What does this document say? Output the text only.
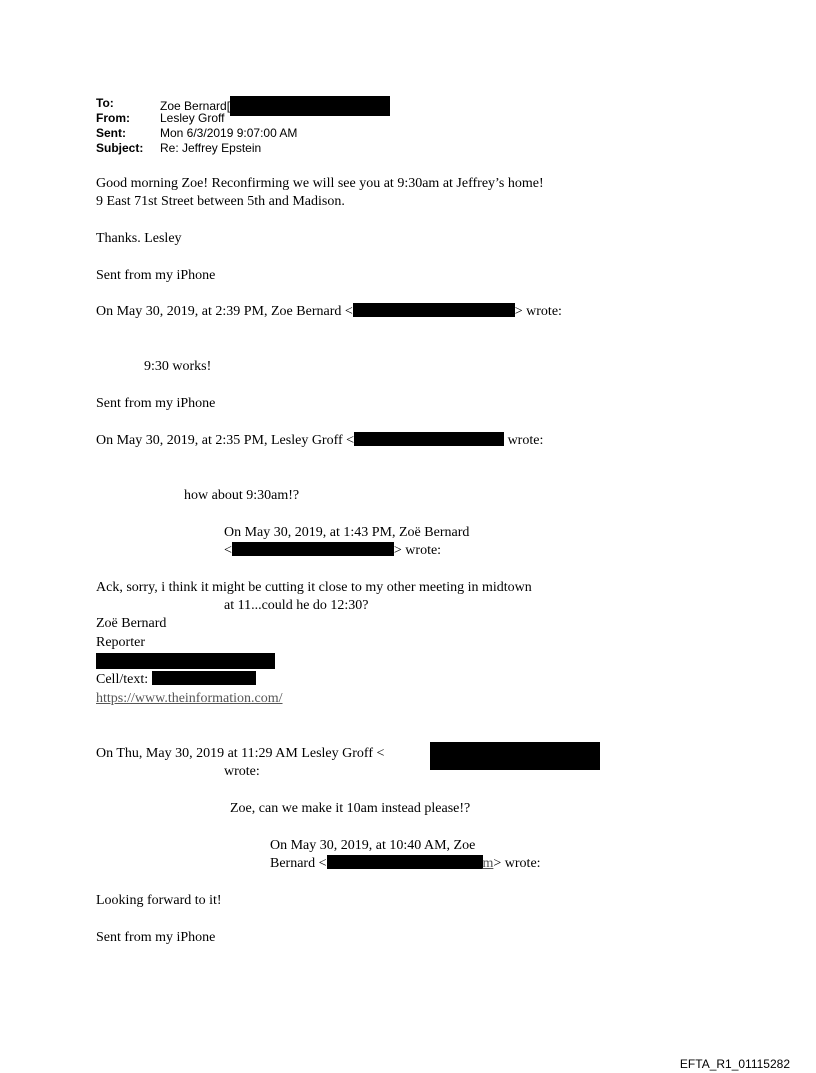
To:	Zoe Bernard[
From:	Lesley Groff
Sent:	Mon 6/3/2019 9:07:00 AM
Subject: Re: Jeffrey Epstein
Good morning Zoe! Reconfirming we will see you at 9:30am at Jeffrey’s home!
9 East 71st Street between 5th and Madison.
Thanks. Lesley
Sent from my iPhone
On May 30, 2019, at 2:39 PM, Zoe Bernard <	> wrote:
9:30 works!
Sent from my iPhone
On May 30, 2019, at 2:35 PM, Lesley Groff <	wrote:
how about 9:30am!?
On May 30, 2019, at 1:43 PM, Zoë Bernard
<	> wrote:
Ack, sorry, i think it might be cutting it close to my other meeting in midtown
at 11...could he do 12:30?
Zoë Bernard
Reporter
Cell/text:
https://www.theinformation.com/
On Thu, May 30, 2019 at 11:29 AM Lesley Groff <
wrote:
Zoe, can we make it 10am instead please!?
On May 30, 2019, at 10:40 AM, Zoe
Bernard <	m> wrote:
Looking forward to it!
Sent from my iPhone
EFTA_R1_01115282
